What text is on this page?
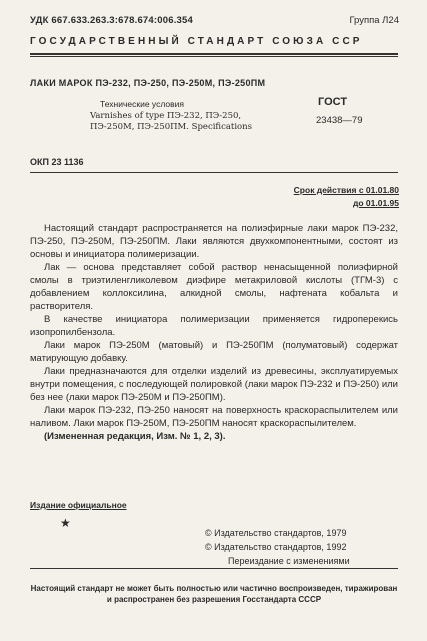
УДК 667.633.263.3:678.674:006.354	Группа Л24
ГОСУДАРСТВЕННЫЙ СТАНДАРТ СОЮЗА ССР
ЛАКИ МАРОК ПЭ-232, ПЭ-250, ПЭ-250М, ПЭ-250ПМ
Технические условия
Varnishes of type ПЭ-232, ПЭ-250, ПЭ-250M, ПЭ-250ПМ. Specifications
ГОСТ
23438—79
ОКП 23 1136
Срок действия с 01.01.80
до 01.01.95

Настоящий стандарт распространяется на полиэфирные лаки марок ПЭ-232, ПЭ-250, ПЭ-250М, ПЭ-250ПМ. Лаки являются двухкомпонентными, состоят из основы и инициатора полимеризации.

Лак — основа представляет собой раствор ненасыщенной полиэфирной смолы в триэтиленгликолевом диэфире метакриловой кислоты (ТГМ-3) с добавлением коллоксилина, алкидной смолы, нафтената кобальта и растворителя.

В качестве инициатора полимеризации применяется гидроперекись изопропилбензола.

Лаки марок ПЭ-250М (матовый) и ПЭ-250ПМ (полуматовый) содержат матирующую добавку.

Лаки предназначаются для отделки изделий из древесины, эксплуатируемых внутри помещения, с последующей полировкой (лаки марок ПЭ-232 и ПЭ-250) или без нее (лаки марок ПЭ-250М и ПЭ-250ПМ).

Лаки марок ПЭ-232, ПЭ-250 наносят на поверхность краскораспылителем или наливом. Лаки марок ПЭ-250М, ПЭ-250ПМ наносят краскораспылителем.

(Измененная редакция, Изм. № 1, 2, 3).

Издание официальное
★
© Издательство стандартов, 1979
© Издательство стандартов, 1992
Переиздание с изменениями
Настоящий стандарт не может быть полностью или частично воспроизведен, тиражирован и распространен без разрешения Госстандарта СССР
